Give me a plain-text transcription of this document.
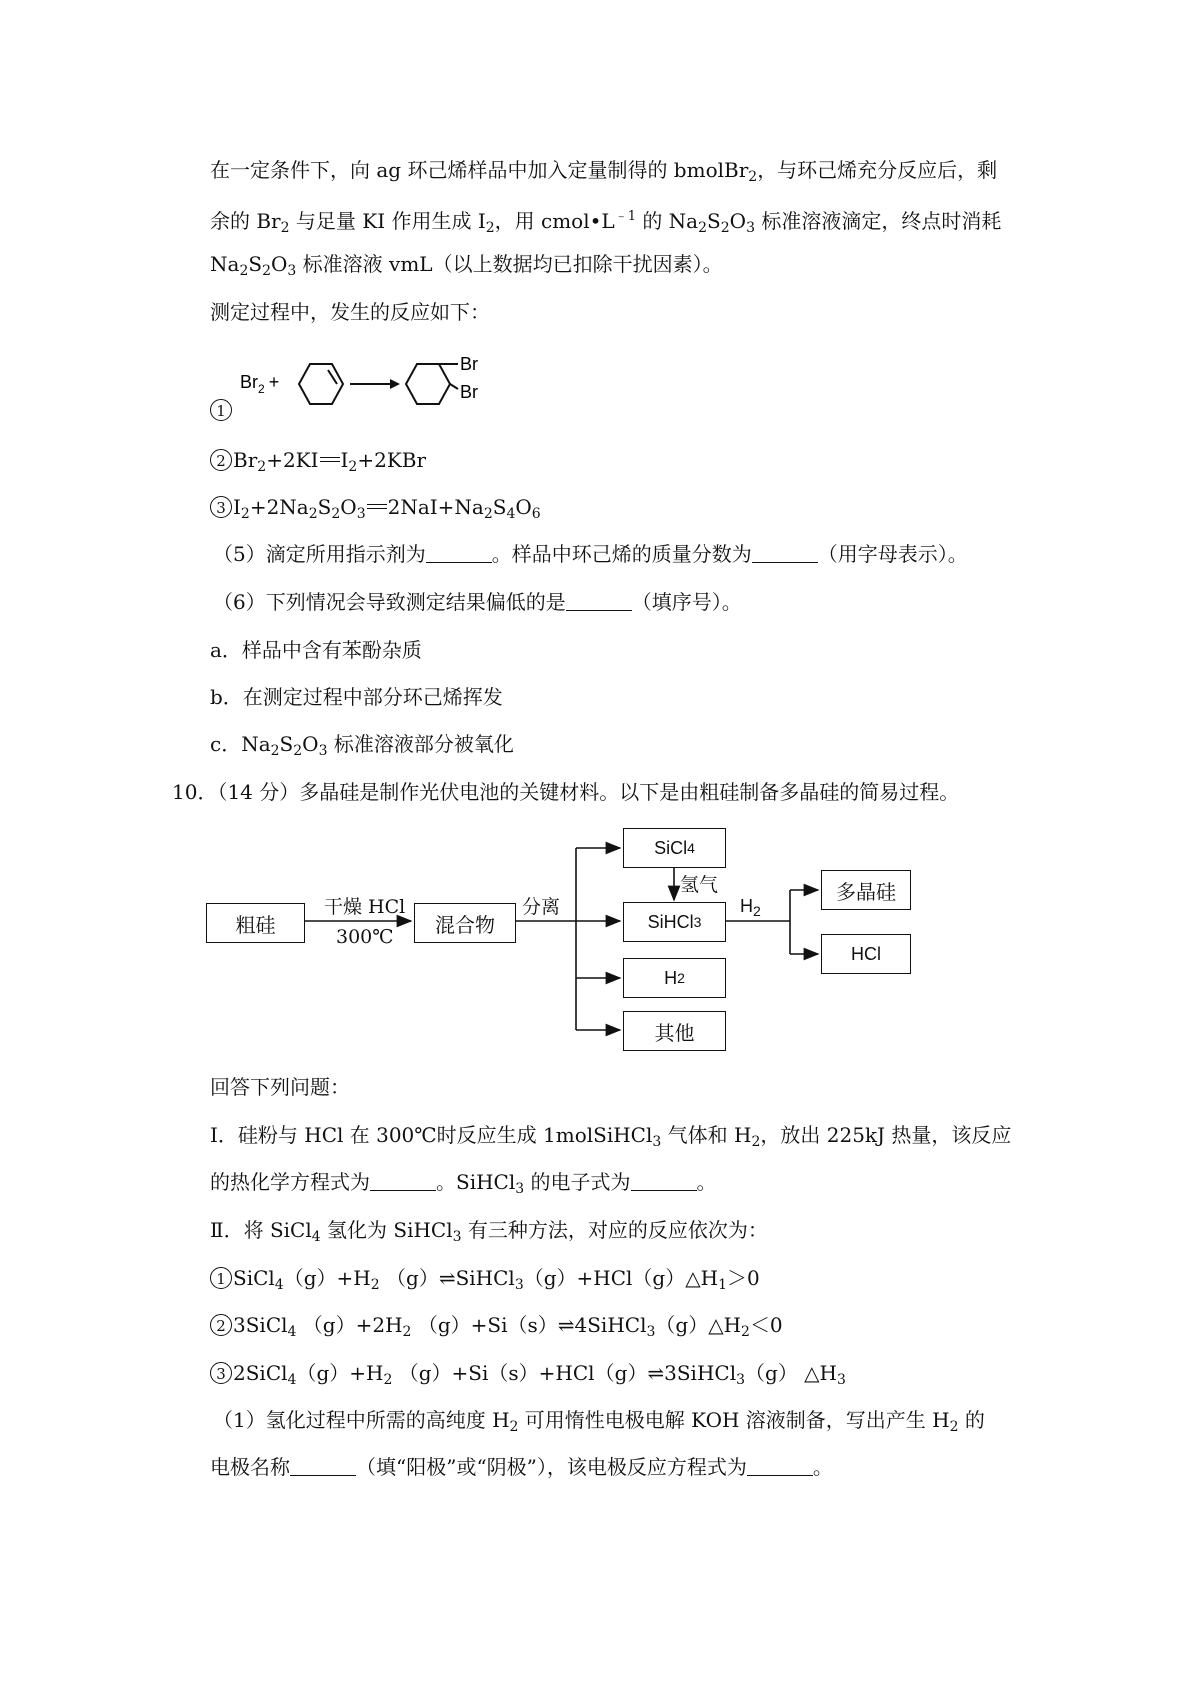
在一定条件下，向 ag 环己烯样品中加入定量制得的 bmolBr$_2$，与环己烯充分反应后，剩
余的 $Br_2$ 与足量 KI 作用生成 $I_2$，用 $cmol•L^{﹣1}$ 的 $Na_2S_2O_3$ 标准溶液滴定，终点时消耗
$Na_2S_2O_3$ 标准溶液 vmL（以上数据均已扣除干扰因素）。
测定过程中，发生的反应如下：
1
$Br_2$ +
Br
Br
2 $Br_2+2KI$ $I_2+2KBr$
3 $I_2+2Na_2S_2O_3$ $2NaI+Na_2S_4O_6$
（5）滴定所用指示剂为	。样品中环己烯的质量分数为	（用字母表示）。
（6）下列情况会导致测定结果偏低的是	（填序号）。
a．样品中含有苯酚杂质
b．在测定过程中部分环己烯挥发
c．$Na_2S_2O_3$ 标准溶液部分被氧化
10．（14 分）多晶硅是制作光伏电池的关键材料。以下是由粗硅制备多晶硅的简易过程。
粗硅
干燥 HCl
300℃
混合物
分离
SiCl 4
氢气
SiHCl 3
H 2
其他
$H_2$
多晶硅
HCl
回答下列问题：
Ⅰ．硅粉与 HCl 在 300℃时反应生成 1molSiHCl$_3$ 气体和 $H_2$，放出 225kJ 热量，该反应
的热化学方程式为	。SiHCl$_3$ 的电子式为	。
Ⅱ．将 SiCl$_4$ 氢化为 SiHCl$_3$ 有三种方法，对应的反应依次为：
1 $SiCl_4(g)+H_2$ $(g)\rightleftharpoons SiHCl_3(g)+HCl(g)\triangle H_1>0$
2 3SiCl$_4$ $(g)+2H_2$ $(g)+Si(s)\rightleftharpoons 4SiHCl_3(g)\triangle H_2<0$
3 $2SiCl_4(g)+H_2$ （g）+Si（s）+HCl（g）⇌3SiHCl$_3$（g） $\triangle H_3$
（1）氢化过程中所需的高纯度 $H_2$ 可用惰性电极电解 KOH 溶液制备，写出产生 $H_2$ 的
电极名称	（填“阳极”或“阴极”），该电极反应方程式为	。
